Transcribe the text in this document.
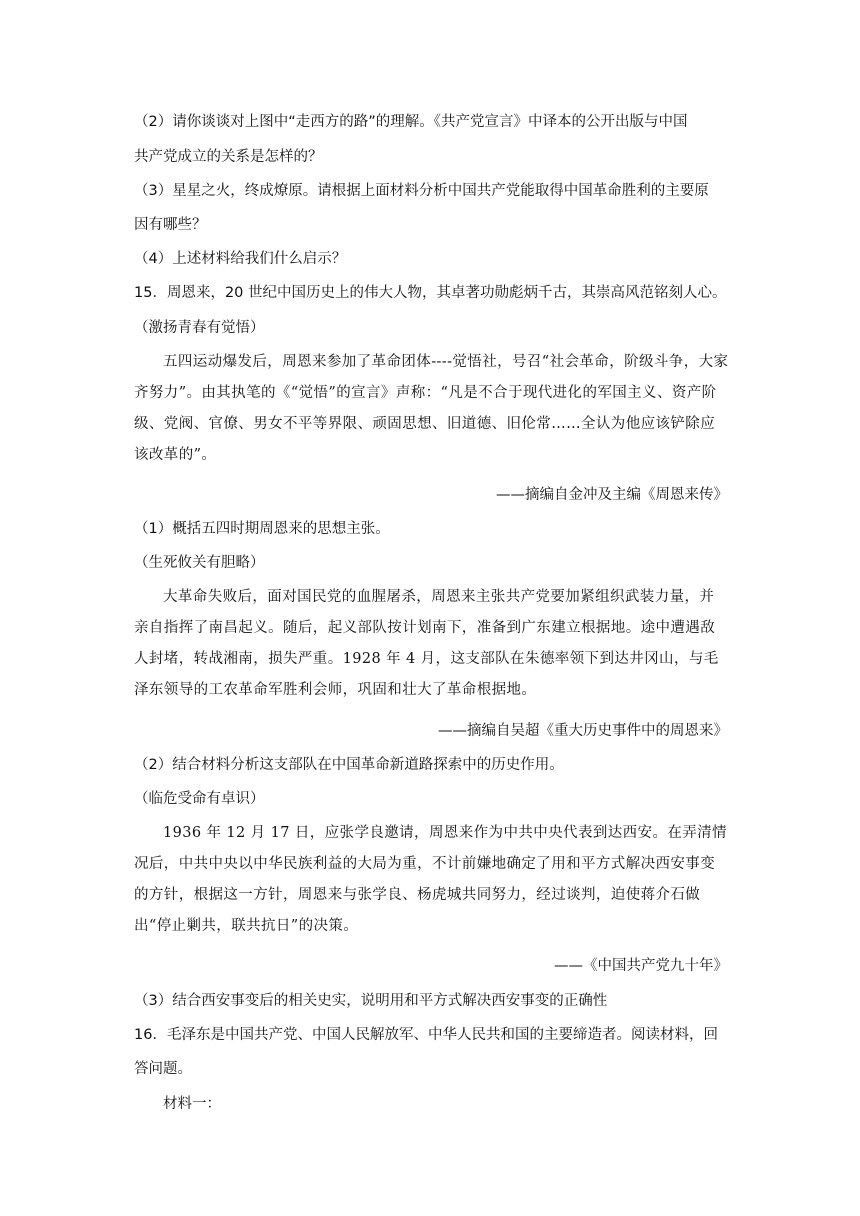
（2）请你谈谈对上图中“走西方的路”的理解。《共产党宣言》中译本的公开出版与中国
共产党成立的关系是怎样的？
（3）星星之火，终成燎原。请根据上面材料分析中国共产党能取得中国革命胜利的主要原
因有哪些？
（4）上述材料给我们什么启示？
15．周恩来，20 世纪中国历史上的伟大人物，其卓著功勋彪炳千古，其崇高风范铭刻人心。
（激扬青春有觉悟）
五四运动爆发后，周恩来参加了革命团体----觉悟社，号召“社会革命，阶级斗争，大家齐努力”。由其执笔的《“觉悟”的宣言》声称：“凡是不合于现代进化的军国主义、资产阶级、党阀、官僚、男女不平等界限、顽固思想、旧道德、旧伦常……全认为他应该铲除应该改革的”。
——摘编自金冲及主编《周恩来传》
（1）概括五四时期周恩来的思想主张。
（生死攸关有胆略）
大革命失败后，面对国民党的血腥屠杀，周恩来主张共产党要加紧组织武装力量，并亲自指挥了南昌起义。随后，起义部队按计划南下，准备到广东建立根据地。途中遭遇敌人封堵，转战湘南，损失严重。1928 年 4 月，这支部队在朱德率领下到达井冈山，与毛泽东领导的工农革命军胜利会师，巩固和壮大了革命根据地。
——摘编自吴超《重大历史事件中的周恩来》
（2）结合材料分析这支部队在中国革命新道路探索中的历史作用。
（临危受命有卓识）
1936 年 12 月 17 日，应张学良邀请，周恩来作为中共中央代表到达西安。在弄清情况后，中共中央以中华民族利益的大局为重，不计前嫌地确定了用和平方式解决西安事变的方针，根据这一方针，周恩来与张学良、杨虎城共同努力，经过谈判，迫使蒋介石做出“停止剿共，联共抗日”的决策。
——《中国共产党九十年》
（3）结合西安事变后的相关史实，说明用和平方式解决西安事变的正确性
16．毛泽东是中国共产党、中国人民解放军、中华人民共和国的主要缔造者。阅读材料，回
答问题。
材料一：
